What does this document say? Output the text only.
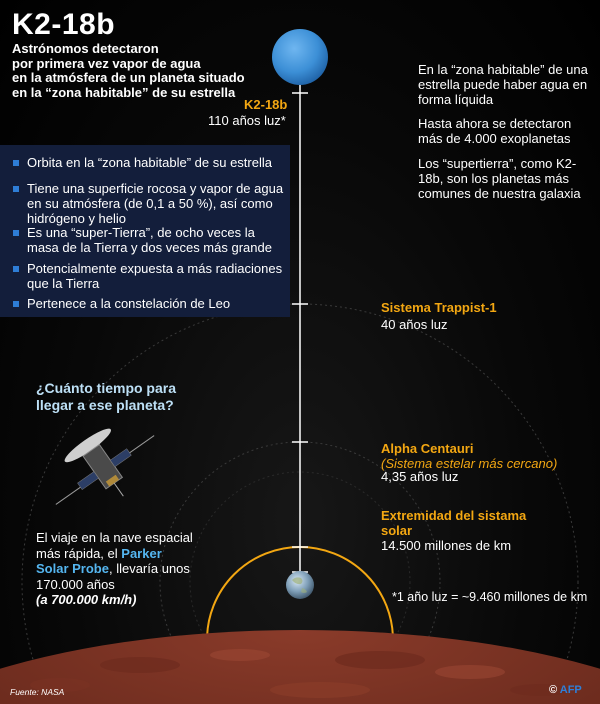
K2-18b
Astrónomos detectaron
por primera vez vapor de agua
en la atmósfera de un planeta situado
en la “zona habitable” de su estrella
K2-18b
110 años luz*
En la “zona habitable” de una estrella puede haber agua en forma líquida
Hasta ahora se detectaron más de 4.000 exoplanetas
Los “supertierra”, como K2-18b, son los planetas más comunes de nuestra galaxia
Orbita en la “zona habitable” de su estrella
Tiene una superficie rocosa y vapor de agua en su atmósfera (de 0,1 a 50 %), así como hidrógeno y helio
Es una “super-Tierra”, de ocho veces la masa de la Tierra y dos veces más grande
Potencialmente expuesta a más radiaciones que la Tierra
Pertenece a la constelación de Leo	Sistema Trappist-1
40 años luz
Alpha Centauri
(Sistema estelar más cercano)
4,35 años luz
Extremidad del sistama solar
14.500 millones de km
¿Cuánto tiempo para llegar a ese planeta?
El viaje en la nave espacial más rápida, el Parker Solar Probe, llevaría unos 170.000 años
(a 700.000 km/h)	*1 año luz = ~9.460 millones de km
Fuente: NASA	© AFP
